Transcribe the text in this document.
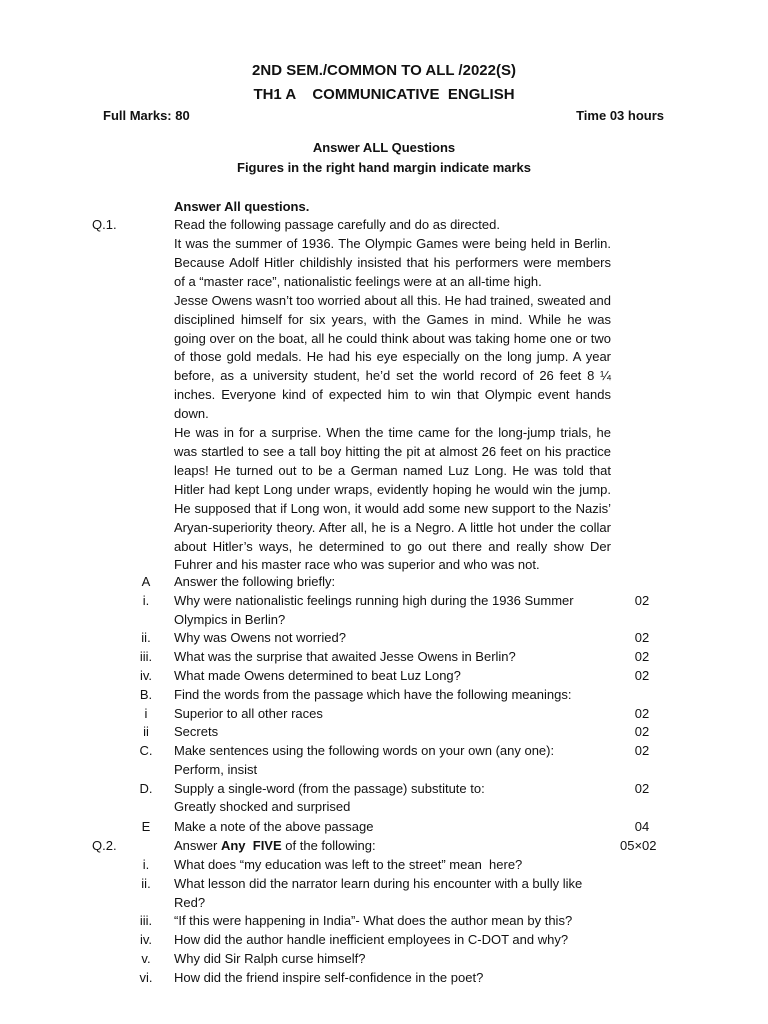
2ND SEM./COMMON TO ALL /2022(S)
TH1 A    COMMUNICATIVE  ENGLISH
Full Marks: 80	Time 03 hours
Answer ALL Questions
Figures in the right hand margin indicate marks
Answer All questions.
Q.1.	Read the following passage carefully and do as directed.

It was the summer of 1936. The Olympic Games were being held in Berlin. Because Adolf Hitler childishly insisted that his performers were members of a “master race”, nationalistic feelings were at an all-time high.

Jesse Owens wasn’t too worried about all this. He had trained, sweated and disciplined himself for six years, with the Games in mind. While he was going over on the boat, all he could think about was taking home one or two of those gold medals. He had his eye especially on the long jump. A year before, as a university student, he’d set the world record of 26 feet 8 ¼ inches. Everyone kind of expected him to win that Olympic event hands down.

He was in for a surprise. When the time came for the long-jump trials, he was startled to see a tall boy hitting the pit at almost 26 feet on his practice leaps! He turned out to be a German named Luz Long. He was told that Hitler had kept Long under wraps, evidently hoping he would win the jump. He supposed that if Long won, it would add some new support to the Nazis’ Aryan-superiority theory. After all, he is a Negro. A little hot under the collar about Hitler’s ways, he determined to go out there and really show Der Fuhrer and his master race who was superior and who was not.

A	Answer the following briefly:
i.	Why were nationalistic feelings running high during the 1936 Summer
Olympics in Berlin?
02
ii.	Why was Owens not worried?	02
iii.	What was the surprise that awaited Jesse Owens in Berlin?	02
iv.	What made Owens determined to beat Luz Long?	02
B.	Find the words from the passage which have the following meanings:
i	Superior to all other races	02
ii	Secrets	02
C.	Make sentences using the following words on your own (any one):
Perform, insist
02
D.	Supply a single-word (from the passage) substitute to:
Greatly shocked and surprised
02
E	Make a note of the above passage	04
Q.2.	Answer Any  FIVE of the following:	05×02
i.	What does “my education was left to the street” mean  here?
ii.	What lesson did the narrator learn during his encounter with a bully like
Red?
iii.	“If this were happening in India”- What does the author mean by this?
iv.	How did the author handle inefficient employees in C-DOT and why?
v.	Why did Sir Ralph curse himself?
vi.	How did the friend inspire self-confidence in the poet?
